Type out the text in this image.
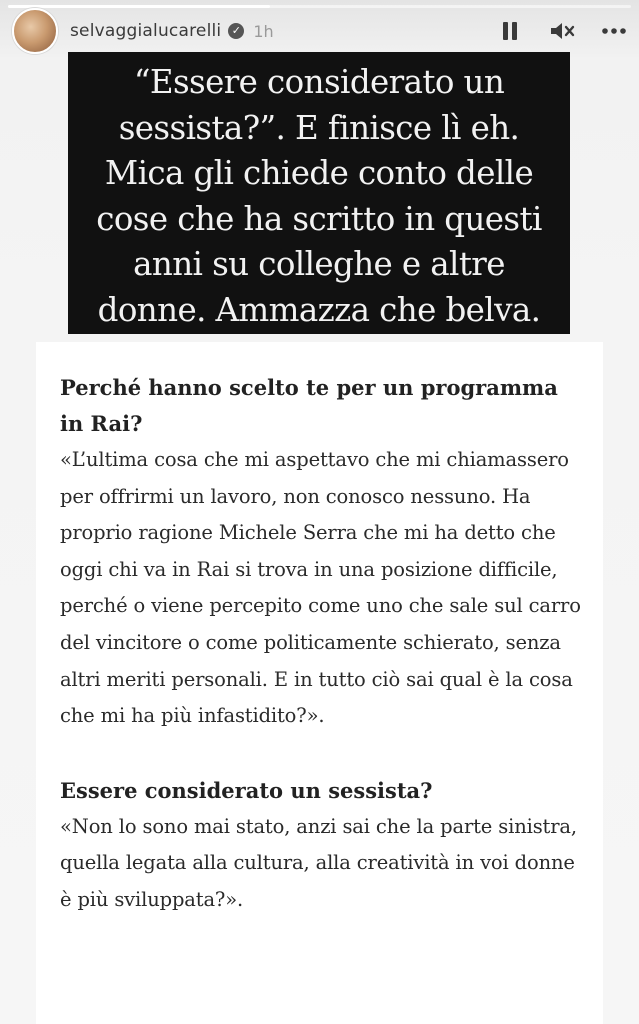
selvaggialucarelli ✓ 1h

“Essere considerato un sessista?”. E finisce lì eh. Mica gli chiede conto delle cose che ha scritto in questi anni su colleghe e altre donne. Ammazza che belva.

Perché hanno scelto te per un programma in Rai?

«L’ultima cosa che mi aspettavo che mi chiamassero per offrirmi un lavoro, non conosco nessuno. Ha proprio ragione Michele Serra che mi ha detto che oggi chi va in Rai si trova in una posizione difficile, perché o viene percepito come uno che sale sul carro del vincitore o come politicamente schierato, senza altri meriti personali. E in tutto ciò sai qual è la cosa che mi ha più infastidito?».

Essere considerato un sessista?

«Non lo sono mai stato, anzi sai che la parte sinistra, quella legata alla cultura, alla creatività in voi donne è più sviluppata?».
